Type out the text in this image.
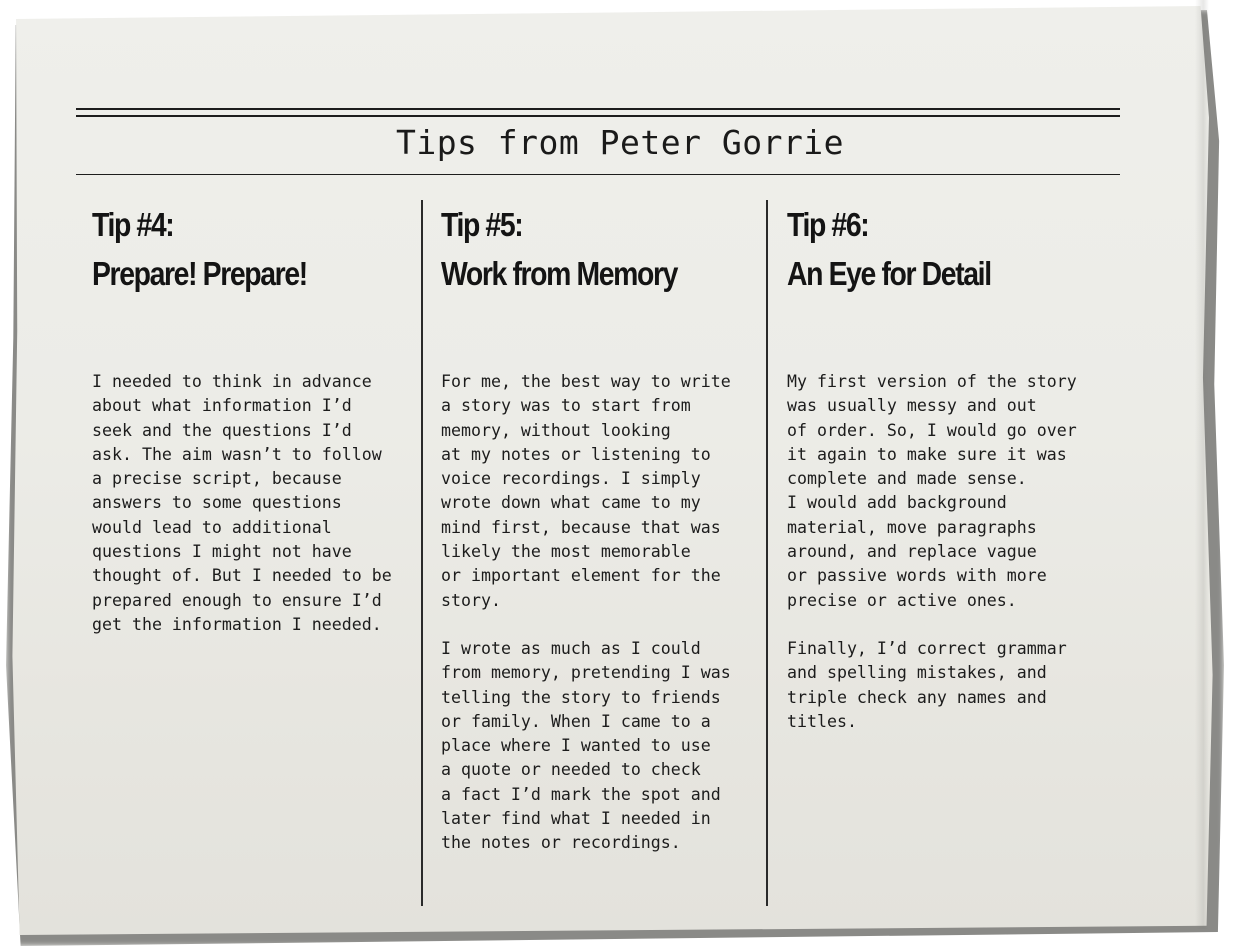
Tips from Peter Gorrie
Tip #4:
Prepare! Prepare!

I needed to think in advance
about what information I’d
seek and the questions I’d
ask. The aim wasn’t to follow
a precise script, because
answers to some questions
would lead to additional
questions I might not have
thought of. But I needed to be
prepared enough to ensure I’d
get the information I needed.

Tip #5:
Work from Memory

For me, the best way to write
a story was to start from
memory, without looking
at my notes or listening to
voice recordings. I simply
wrote down what came to my
mind first, because that was
likely the most memorable
or important element for the
story.

I wrote as much as I could
from memory, pretending I was
telling the story to friends
or family. When I came to a
place where I wanted to use
a quote or needed to check
a fact I’d mark the spot and
later find what I needed in
the notes or recordings.

Tip #6:
An Eye for Detail

My first version of the story
was usually messy and out
of order. So, I would go over
it again to make sure it was
complete and made sense.
I would add background
material, move paragraphs
around, and replace vague
or passive words with more
precise or active ones.

Finally, I’d correct grammar
and spelling mistakes, and
triple check any names and
titles.
